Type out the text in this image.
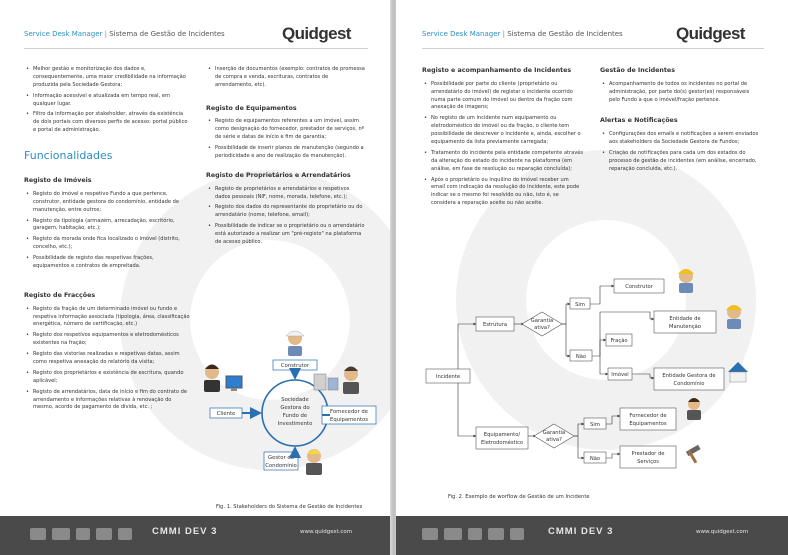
Service Desk Manager | Sistema de Gestão de Incidentes	Quidgest
• Melhor gestão e monitorização dos dados e, consequentemente, uma maior credibilidade na informação produzida pela Sociedade Gestora;
• Informação acessível e atualizada em tempo real, em qualquer lugar.
• Filtro da informação por stakeholder, através da existência de dois portais com diversos perfis de acesso: portal público e portal de administração.
Funcionalidades
Registo de Imóveis
• Registo do imóvel e respetivo Fundo a que pertence, construtor, entidade gestora do condomínio, entidade de manutenção, entre outros;
• Registo da tipologia (armazém, arrecadação, escritório, garagem, habitação, etc.);
• Registo da morada onde fica localizado o imóvel (distrito, concelho, etc.);
• Possibilidade de registo das respetivas frações, equipamentos e contratos de empreitada.
Registo de Fracções
• Registo da fração de um determinado imóvel ou fundo e respetiva informação associada (tipologia, área, classificação energética, número de certificação, etc.)
• Registo dos respetivos equipamentos e eletrodomésticos existentes na fração;
• Registo das vistorias realizadas e respetivas datas, assim como respetiva anexação do relatório da visita;
• Registo dos proprietários e existência de escritura, quando aplicável;
• Registo de arrendatários, data de início e fim do contrato de arrendamento e informações relativas à renovação do mesmo, acordo de pagamento de dívida, etc. ;
• Inserção de documentos (exemplo: contratos de promessa de compra e venda, escrituras, contratos de arrendamento, etc).
Registo de Equipamentos
• Registo de equipamentos referentes a um imóvel, assim como designação do fornecedor, prestador de serviços, nº de série e datas de início e fim de garantia;
• Possibilidade de inserir planos de manutenção (segundo a periodicidade e ano de realização da manutenção).
Registo de Proprietários e Arrendatários
• Registo de proprietários e arrendatários e respetivos dados pessoais (NIF, nome, morada, telefone, etc.);
• Registo dos dados do representante do proprietário ou do arrendatário (nome, telefone, email);
• Possibilidade de indicar se o proprietário ou o arrendatário está autorizado a realizar um "pré-registo" na plataforma de acesso público.
Sociedade
Gestora do
Fundo de
Investimento
Construtor
Cliente	Fornecedor de
Equipamentos
Gestor do
Condomínio
Fig. 1. Stakeholders do Sistema de Gestão de Incidentes
CMMI DEV 3	www.quidgest.com
Service Desk Manager | Sistema de Gestão de Incidentes	Quidgest
Registo e acompanhamento de Incidentes
• Possibilidade por parte do cliente (proprietário ou arrendatário do imóvel) de registar o incidente ocorrido numa parte comum do imóvel ou dentro da fração com anexação de imagens;
• No registo de um incidente num equipamento ou eletrodoméstico do imóvel ou da fração, o cliente tem possibilidade de descrever o incidente e, ainda, escolher o equipamento da lista previamente carregada;
• Tratamento do incidente pela entidade competente através da alteração do estado do incidente na plataforma (em análise, em fase de resolução ou reparação concluída);
• Após o proprietário ou inquilino do imóvel receber um email com indicação da resolução do incidente, este pode indicar se o mesmo foi resolvido ou não, isto é, se considera a reparação aceite ou não aceite.
Gestão de Incidentes
• Acompanhamento de todos os incidentes no portal de administração, por parte do(s) gestor(es) responsáveis pelo Fundo a que o imóvel/fração pertence.
Alertas e Notificações
• Configurações dos emails e notificações a serem enviados aos stakeholders da Sociedade Gestora de Fundos;
• Criação de notificações para cada um dos estados do processo de gestão de incidentes (em análise, encerrado, reparação concluída, etc.).
Incidente
Estrutura
Garantia
ativa?
Sim
Não
Construtor
Entidade de
Manutenção
Fração
Imóvel	Entidade Gestora de
Condomínio
Equipamento/
Eletrodoméstico
Garantia
ativa?
Sim
Não
Fornecedor de
Equipamentos
Prestador de
Serviços
Fig. 2. Exemplo de worflow de Gestão de um Incidente
CMMI DEV 3	www.quidgest.com
